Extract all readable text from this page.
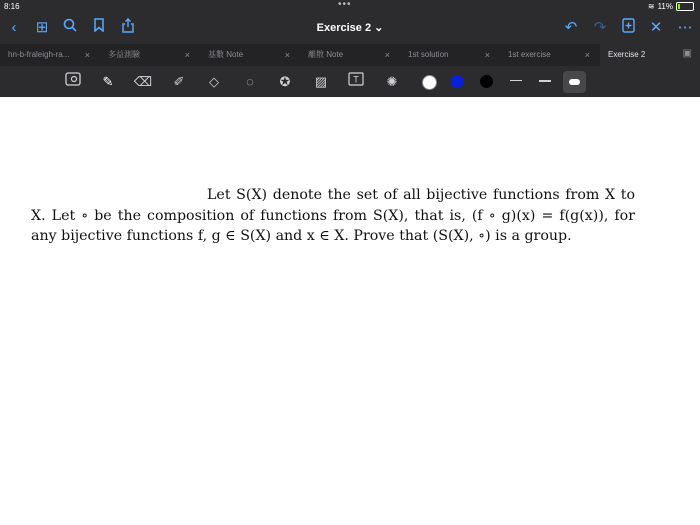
8:16	•••	≋ 11%
‹	⊞	Exercise 2 ⌄	↶ ↷	✕ ⋯
hn-b-fraleigh-ra...	× 多益測驗	× 基數 Note	× 離散 Note	× 1st solution	× 1st exercise	× Exercise 2	▣
✎	⌫	✐	◇	◌	✪	▨	T	✺
Let S(X) denote the set of all bijective functions from X to X. Let ∘ be the composition of functions from S(X), that is, (f ∘ g)(x) = f(g(x)), for any bijective functions f, g ∈ S(X) and x ∈ X. Prove that (S(X), ∘) is a group.
